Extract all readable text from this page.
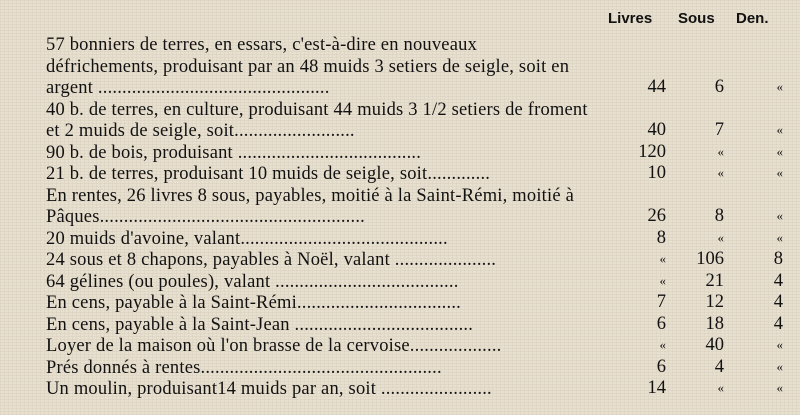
Livres Sous Den.
57 bonniers de terres, en essars, c'est-à-dire en nouveaux défrichements, produisant par an 48 muids 3 setiers de seigle, soit en argent ................................................	44	6	«
40 b. de terres, en culture, produisant 44 muids 3 1/2 setiers de froment et 2 muids de seigle, soit.........................	40	7	«
90 b. de bois, produisant ......................................	120	«	«
21 b. de terres, produisant 10 muids de seigle, soit.............	10	«	«
En rentes, 26 livres 8 sous, payables, moitié à la Saint-Rémi, moitié à Pâques.......................................................	26	8	«
20 muids d'avoine, valant...........................................	8	«	«
24 sous et 8 chapons, payables à Noël, valant .....................	«	106	8
64 gélines (ou poules), valant ......................................	«	21	4
En cens, payable à la Saint-Rémi..................................	7	12	4
En cens, payable à la Saint-Jean .....................................	6	18	4
Loyer de la maison où l'on brasse de la cervoise...................	«	40	«
Prés donnés à rentes..................................................	6	4	«
Un moulin, produisant14 muids par an, soit .......................	14	«	«
